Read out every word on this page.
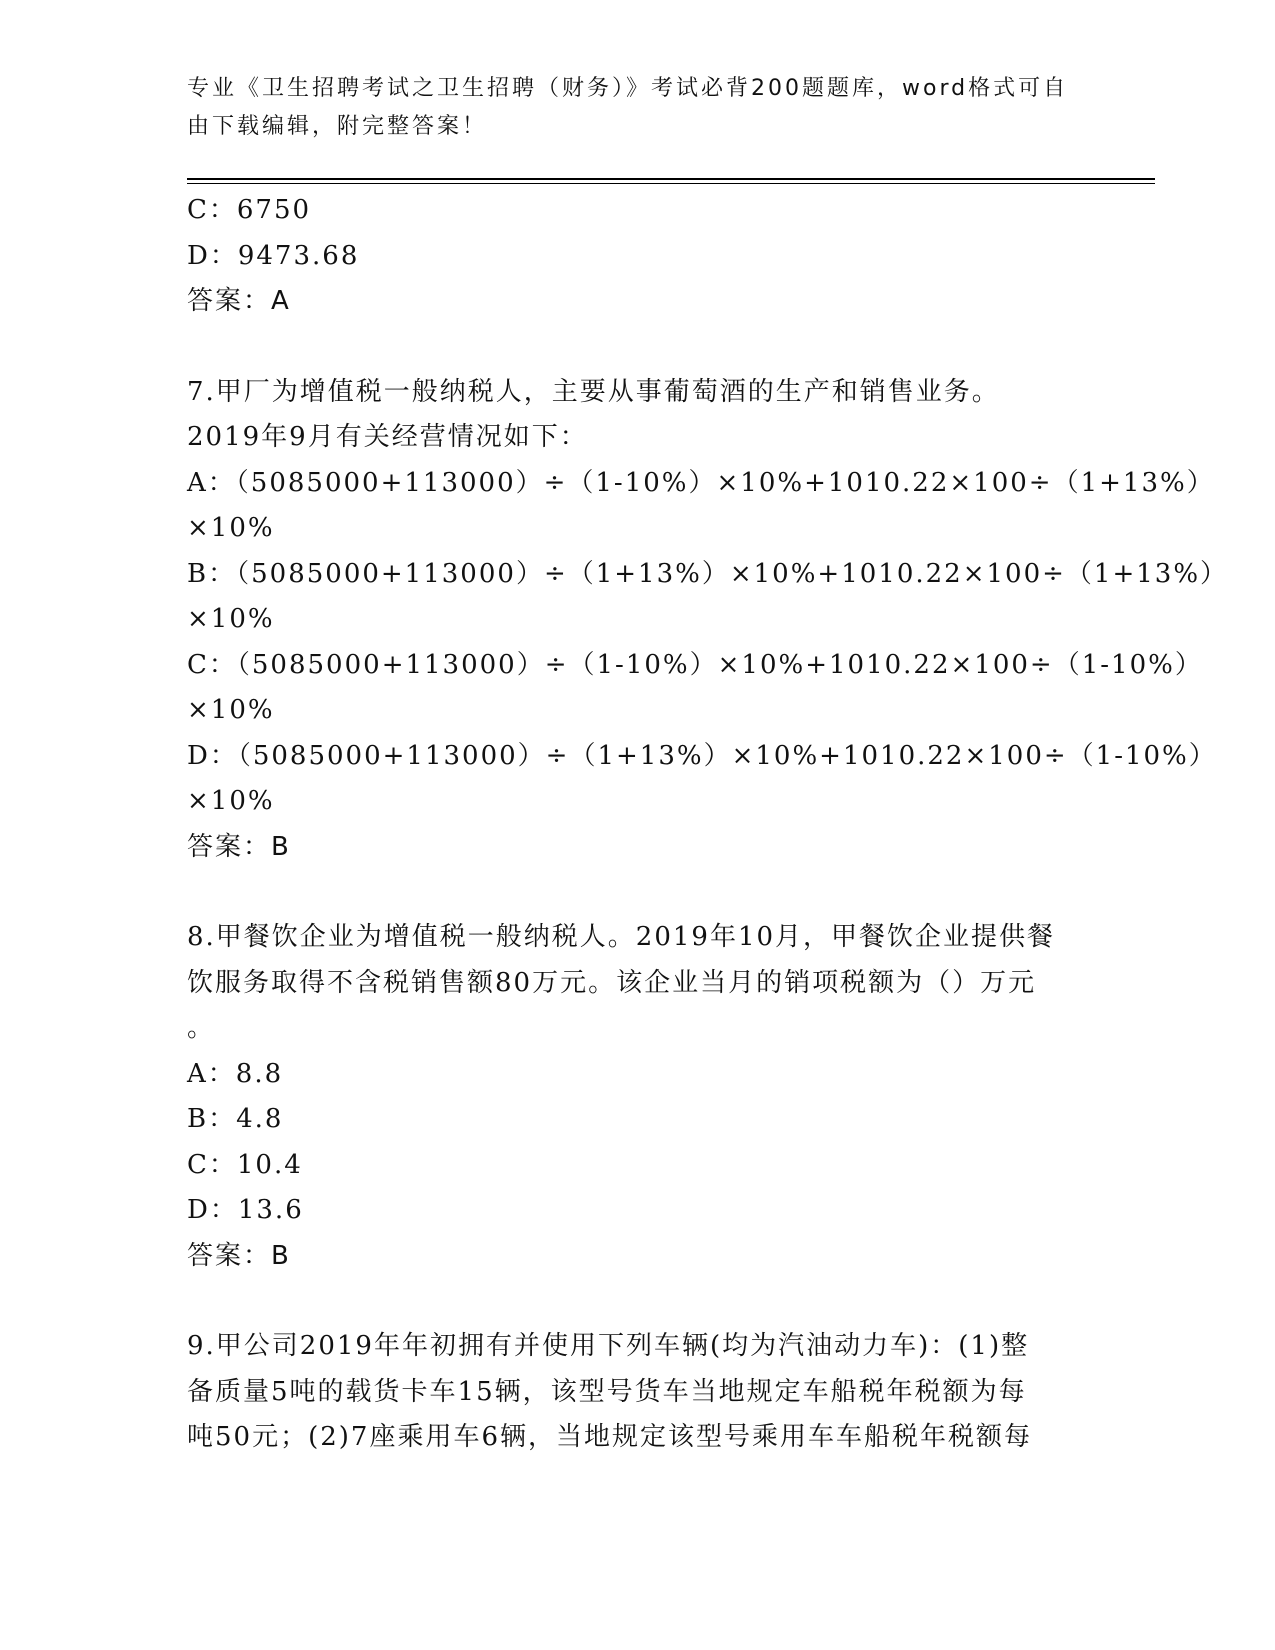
专业《卫生招聘考试之卫生招聘（财务）》考试必背200题题库，word格式可自
由下载编辑，附完整答案！
C：6750
D：9473.68
答案：A
7.甲厂为增值税一般纳税人，主要从事葡萄酒的生产和销售业务。
2019年9月有关经营情况如下：
A：（5085000+113000）÷（1-10%）×10%+1010.22×100÷（1+13%）
×10%
B：（5085000+113000）÷（1+13%）×10%+1010.22×100÷（1+13%）
×10%
C：（5085000+113000）÷（1-10%）×10%+1010.22×100÷（1-10%）
×10%
D：（5085000+113000）÷（1+13%）×10%+1010.22×100÷（1-10%）
×10%
答案：B
8.甲餐饮企业为增值税一般纳税人。2019年10月，甲餐饮企业提供餐
饮服务取得不含税销售额80万元。该企业当月的销项税额为（）万元
。
A：8.8
B：4.8
C：10.4
D：13.6
答案：B
9.甲公司2019年年初拥有并使用下列车辆(均为汽油动力车)：(1)整
备质量5吨的载货卡车15辆，该型号货车当地规定车船税年税额为每
吨50元；(2)7座乘用车6辆，当地规定该型号乘用车车船税年税额每
